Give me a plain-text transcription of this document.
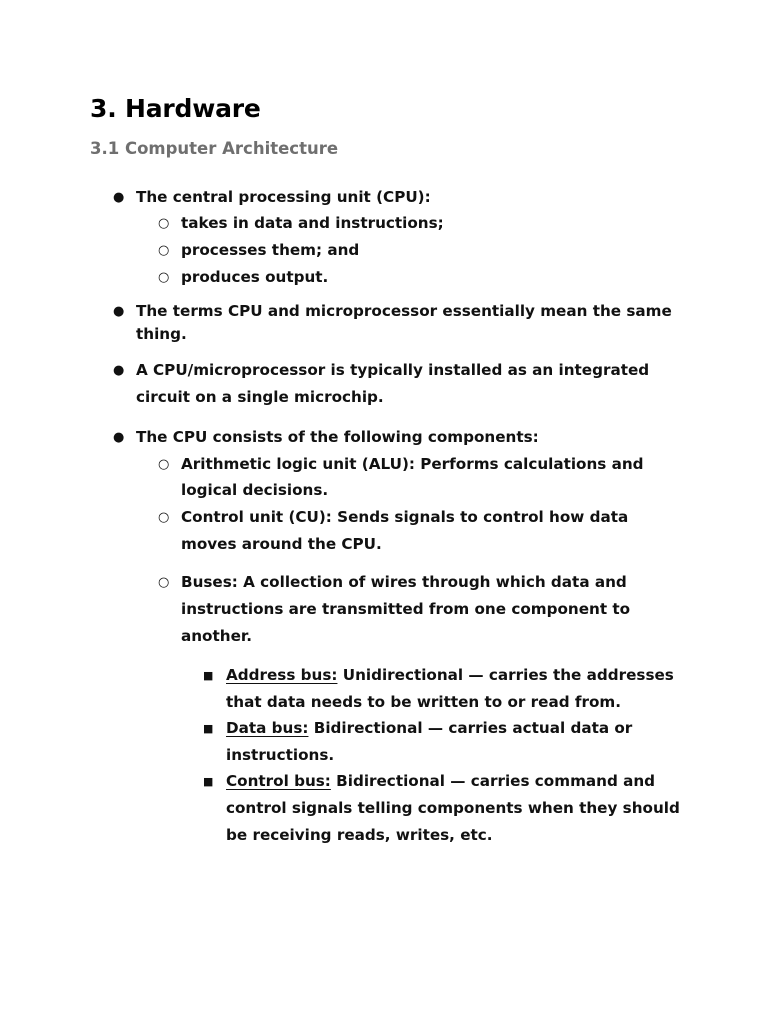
3. Hardware
3.1 Computer Architecture
● The central processing unit (CPU):
○ takes in data and instructions;
○ processes them; and
○ produces output.
● The terms CPU and microprocessor essentially mean the same
thing.
● A CPU/microprocessor is typically installed as an integrated
circuit on a single microchip.
● The CPU consists of the following components:
○ Arithmetic logic unit (ALU): Performs calculations and
logical decisions.
○ Control unit (CU): Sends signals to control how data
moves around the CPU.
○ Buses: A collection of wires through which data and
instructions are transmitted from one component to
another.
■ Address bus: Unidirectional — carries the addresses
that data needs to be written to or read from.
■ Data bus: Bidirectional — carries actual data or
instructions.
■ Control bus: Bidirectional — carries command and
control signals telling components when they should
be receiving reads, writes, etc.
